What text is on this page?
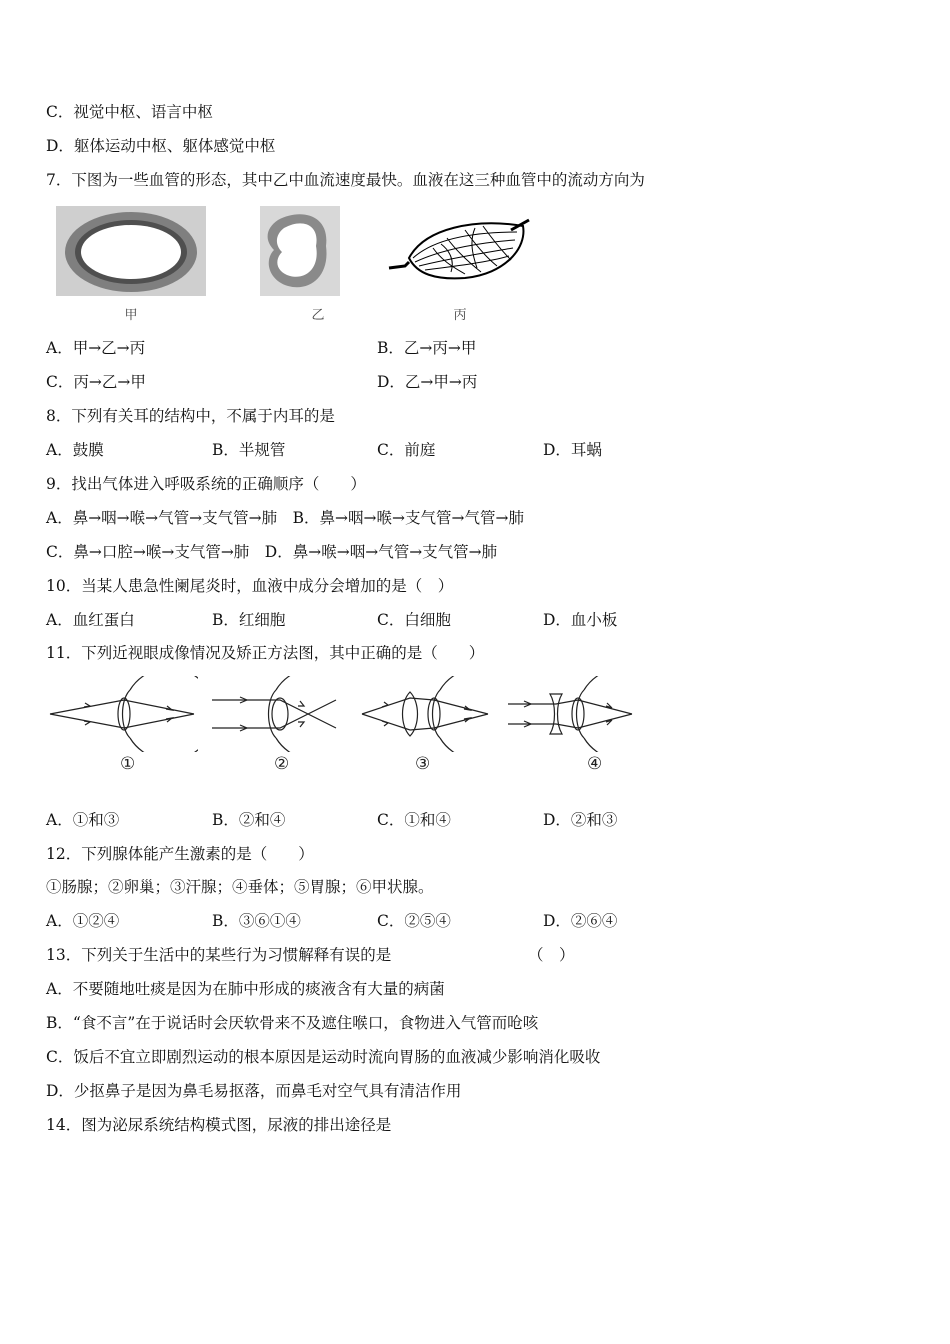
C．视觉中枢、语言中枢
D．躯体运动中枢、躯体感觉中枢
7．下图为一些血管的形态，其中乙中血流速度最快。血液在这三种血管中的流动方向为
甲	乙	丙
A．甲→乙→丙	B．乙→丙→甲
C．丙→乙→甲	D．乙→甲→丙
8．下列有关耳的结构中，不属于内耳的是
A．鼓膜	B．半规管	C．前庭	D．耳蜗
9．找出气体进入呼吸系统的正确顺序（　　）
A．鼻→咽→喉→气管→支气管→肺　B．鼻→咽→喉→支气管→气管→肺
C．鼻→口腔→喉→支气管→肺　D．鼻→喉→咽→气管→支气管→肺
10．当某人患急性阑尾炎时，血液中成分会增加的是（　）
A．血红蛋白	B．红细胞	C．白细胞	D．血小板
11．下列近视眼成像情况及矫正方法图，其中正确的是（　　）
①	②	③	④
A．①和③	B．②和④	C．①和④	D．②和③
12．下列腺体能产生激素的是（　　）
①肠腺；②卵巢；③汗腺；④垂体；⑤胃腺；⑥甲状腺。
A．①②④	B．③⑥①④	C．②⑤④	D．②⑥④
13．下列关于生活中的某些行为习惯解释有误的是	（　）
A．不要随地吐痰是因为在肺中形成的痰液含有大量的病菌
B．“食不言”在于说话时会厌软骨来不及遮住喉口，食物进入气管而呛咳
C．饭后不宜立即剧烈运动的根本原因是运动时流向胃肠的血液减少影响消化吸收
D．少抠鼻子是因为鼻毛易抠落，而鼻毛对空气具有清洁作用
14．图为泌尿系统结构模式图，尿液的排出途径是
